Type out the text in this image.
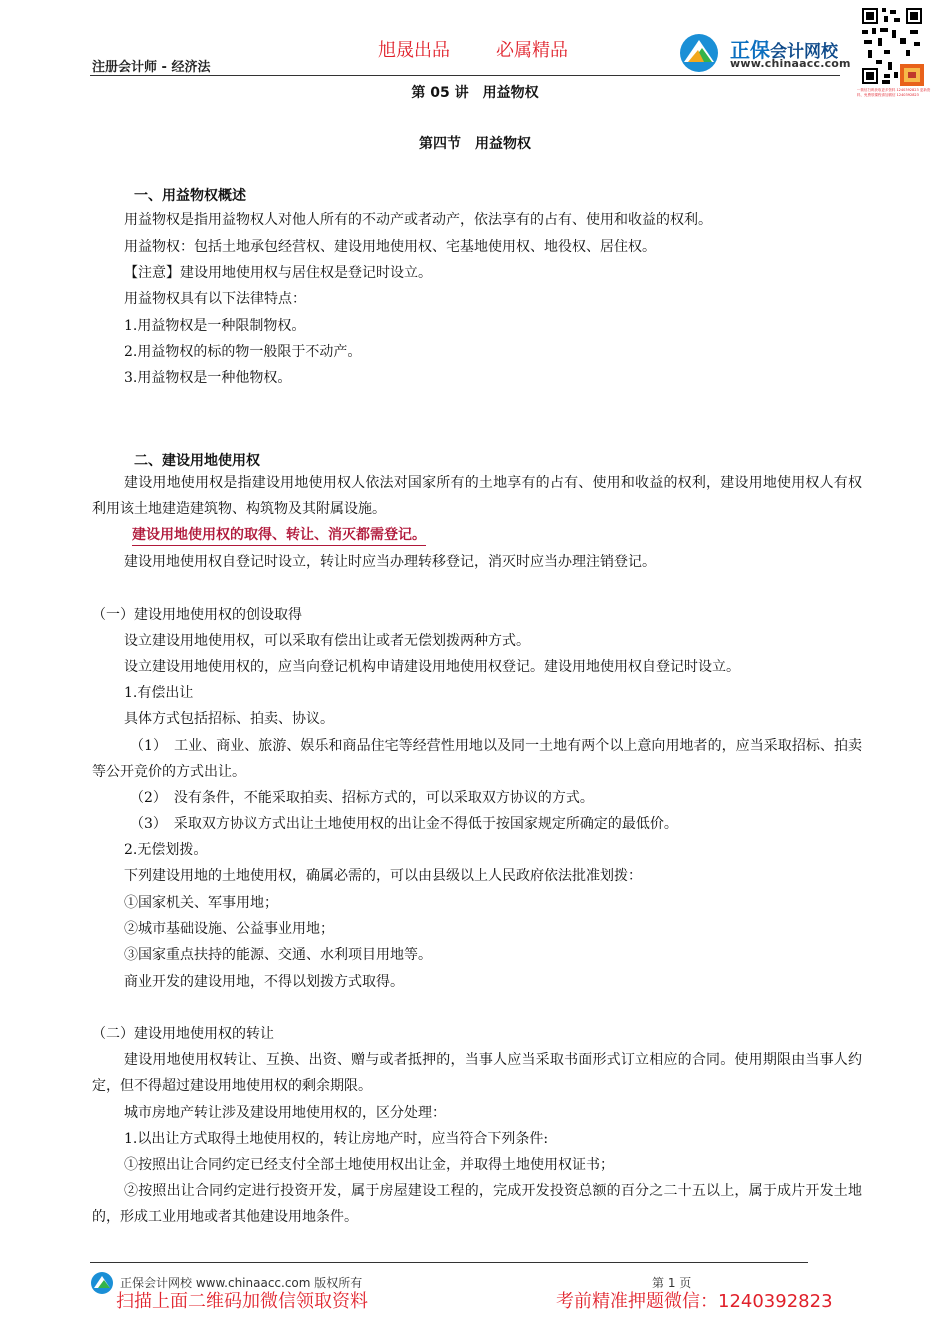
旭晟出品	必属精品
注册会计师 - 经济法
正保会计网校
www.chinaacc.com
···微信扫码获取更多资料 1240392823 更新资料，免费领课程请加微信 1240392823
第 05 讲　用益物权
第四节　用益物权
一、用益物权概述
用益物权是指用益物权人对他人所有的不动产或者动产，依法享有的占有、使用和收益的权利。
用益物权：包括土地承包经营权、建设用地使用权、宅基地使用权、地役权、居住权。
【注意】建设用地使用权与居住权是登记时设立。
用益物权具有以下法律特点：
1.用益物权是一种限制物权。
2.用益物权的标的物一般限于不动产。
3.用益物权是一种他物权。
二、建设用地使用权
建设用地使用权是指建设用地使用权人依法对国家所有的土地享有的占有、使用和收益的权利，建设用地使用权人有权利用该土地建造建筑物、构筑物及其附属设施。
建设用地使用权的取得、转让、消灭都需登记。
建设用地使用权自登记时设立，转让时应当办理转移登记，消灭时应当办理注销登记。
（一）建设用地使用权的创设取得
设立建设用地使用权，可以采取有偿出让或者无偿划拨两种方式。
设立建设用地使用权的，应当向登记机构申请建设用地使用权登记。建设用地使用权自登记时设立。
1.有偿出让
具体方式包括招标、拍卖、协议。
（1）　工业、商业、旅游、娱乐和商品住宅等经营性用地以及同一土地有两个以上意向用地者的，应当采取招标、拍卖等公开竞价的方式出让。
（2）　没有条件，不能采取拍卖、招标方式的，可以采取双方协议的方式。
（3）　采取双方协议方式出让土地使用权的出让金不得低于按国家规定所确定的最低价。
2.无偿划拨。
下列建设用地的土地使用权，确属必需的，可以由县级以上人民政府依法批准划拨：
①国家机关、军事用地；
②城市基础设施、公益事业用地；
③国家重点扶持的能源、交通、水利项目用地等。
商业开发的建设用地，不得以划拨方式取得。
（二）建设用地使用权的转让
建设用地使用权转让、互换、出资、赠与或者抵押的，当事人应当采取书面形式订立相应的合同。使用期限由当事人约定，但不得超过建设用地使用权的剩余期限。
城市房地产转让涉及建设用地使用权的，区分处理：
1.以出让方式取得土地使用权的，转让房地产时，应当符合下列条件:
①按照出让合同约定已经支付全部土地使用权出让金，并取得土地使用权证书；
②按照出让合同约定进行投资开发，属于房屋建设工程的，完成开发投资总额的百分之二十五以上，属于成片开发土地的，形成工业用地或者其他建设用地条件。
正保会计网校 www.chinaacc.com 版权所有	第 1 页
扫描上面二维码加微信领取资料	考前精准押题微信：1240392823
